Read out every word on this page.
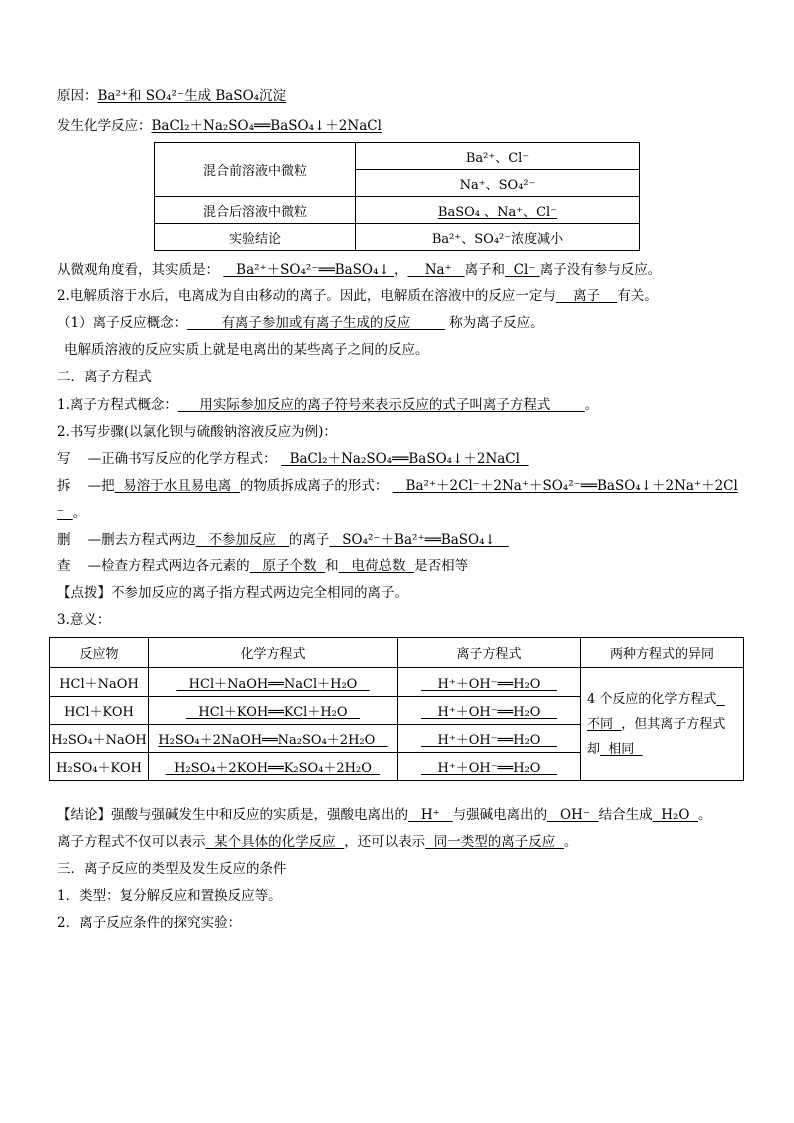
原因：Ba²⁺和 SO₄²⁻生成 BaSO₄沉淀
发生化学反应：BaCl₂＋Na₂SO₄══BaSO₄↓＋2NaCl
混合前溶液中微粒	Ba²⁺、Cl⁻
	Na⁺、SO₄²⁻
混合后溶液中微粒	BaSO₄ 、Na⁺、Cl⁻
实验结论	Ba²⁺、SO₄²⁻浓度减小
从微观角度看，其实质是： Ba²⁺＋SO₄²⁻══BaSO₄↓ ， Na⁺ 离子和 Cl⁻ 离子没有参与反应。
2.电解质溶于水后，电离成为自由移动的离子。因此，电解质在溶液中的反应一定与 离子 有关。
（1）离子反应概念：	有离子参加或有离子生成的反应	称为离子反应。
电解质溶液的反应实质上就是电离出的某些离子之间的反应。
二．离子方程式
1.离子方程式概念： 用实际参加反应的离子符号来表示反应的式子叫离子方程式	。
2.书写步骤(以氯化钡与硫酸钠溶液反应为例)：
写 —正确书写反应的化学方程式： BaCl₂＋Na₂SO₄══BaSO₄↓＋2NaCl
拆 —把 易溶于水且易电离 的物质拆成离子的形式： Ba²⁺＋2Cl⁻＋2Na⁺＋SO₄²⁻══BaSO₄↓＋2Na⁺＋2Cl
⁻ 。
删 —删去方程式两边 不参加反应 的离子 SO₄²⁻＋Ba²⁺══BaSO₄↓
查 —检查方程式两边各元素的 原子个数 和 电荷总数 是否相等
【点拨】不参加反应的离子指方程式两边完全相同的离子。
3.意义：
反应物	化学方程式	离子方程式	两种方程式的异同
HCl＋NaOH	HCl＋NaOH══NaCl＋H₂O	H⁺＋OH⁻══H₂O	4 个反应的化学方程式
不同 ，但其离子方程式
却 相同
HCl＋KOH	HCl＋KOH══KCl＋H₂O	H⁺＋OH⁻══H₂O	
H₂SO₄＋NaOH	H₂SO₄＋2NaOH══Na₂SO₄＋2H₂O	H⁺＋OH⁻══H₂O	
H₂SO₄＋KOH	H₂SO₄＋2KOH══K₂SO₄＋2H₂O	H⁺＋OH⁻══H₂O	
【结论】强酸与强碱发生中和反应的实质是，强酸电离出的 H⁺ 与强碱电离出的 OH⁻ 结合生成 H₂O 。
离子方程式不仅可以表示 某个具体的化学反应 ，还可以表示 同一类型的离子反应 。
三．离子反应的类型及发生反应的条件
1．类型：复分解反应和置换反应等。
2．离子反应条件的探究实验：
